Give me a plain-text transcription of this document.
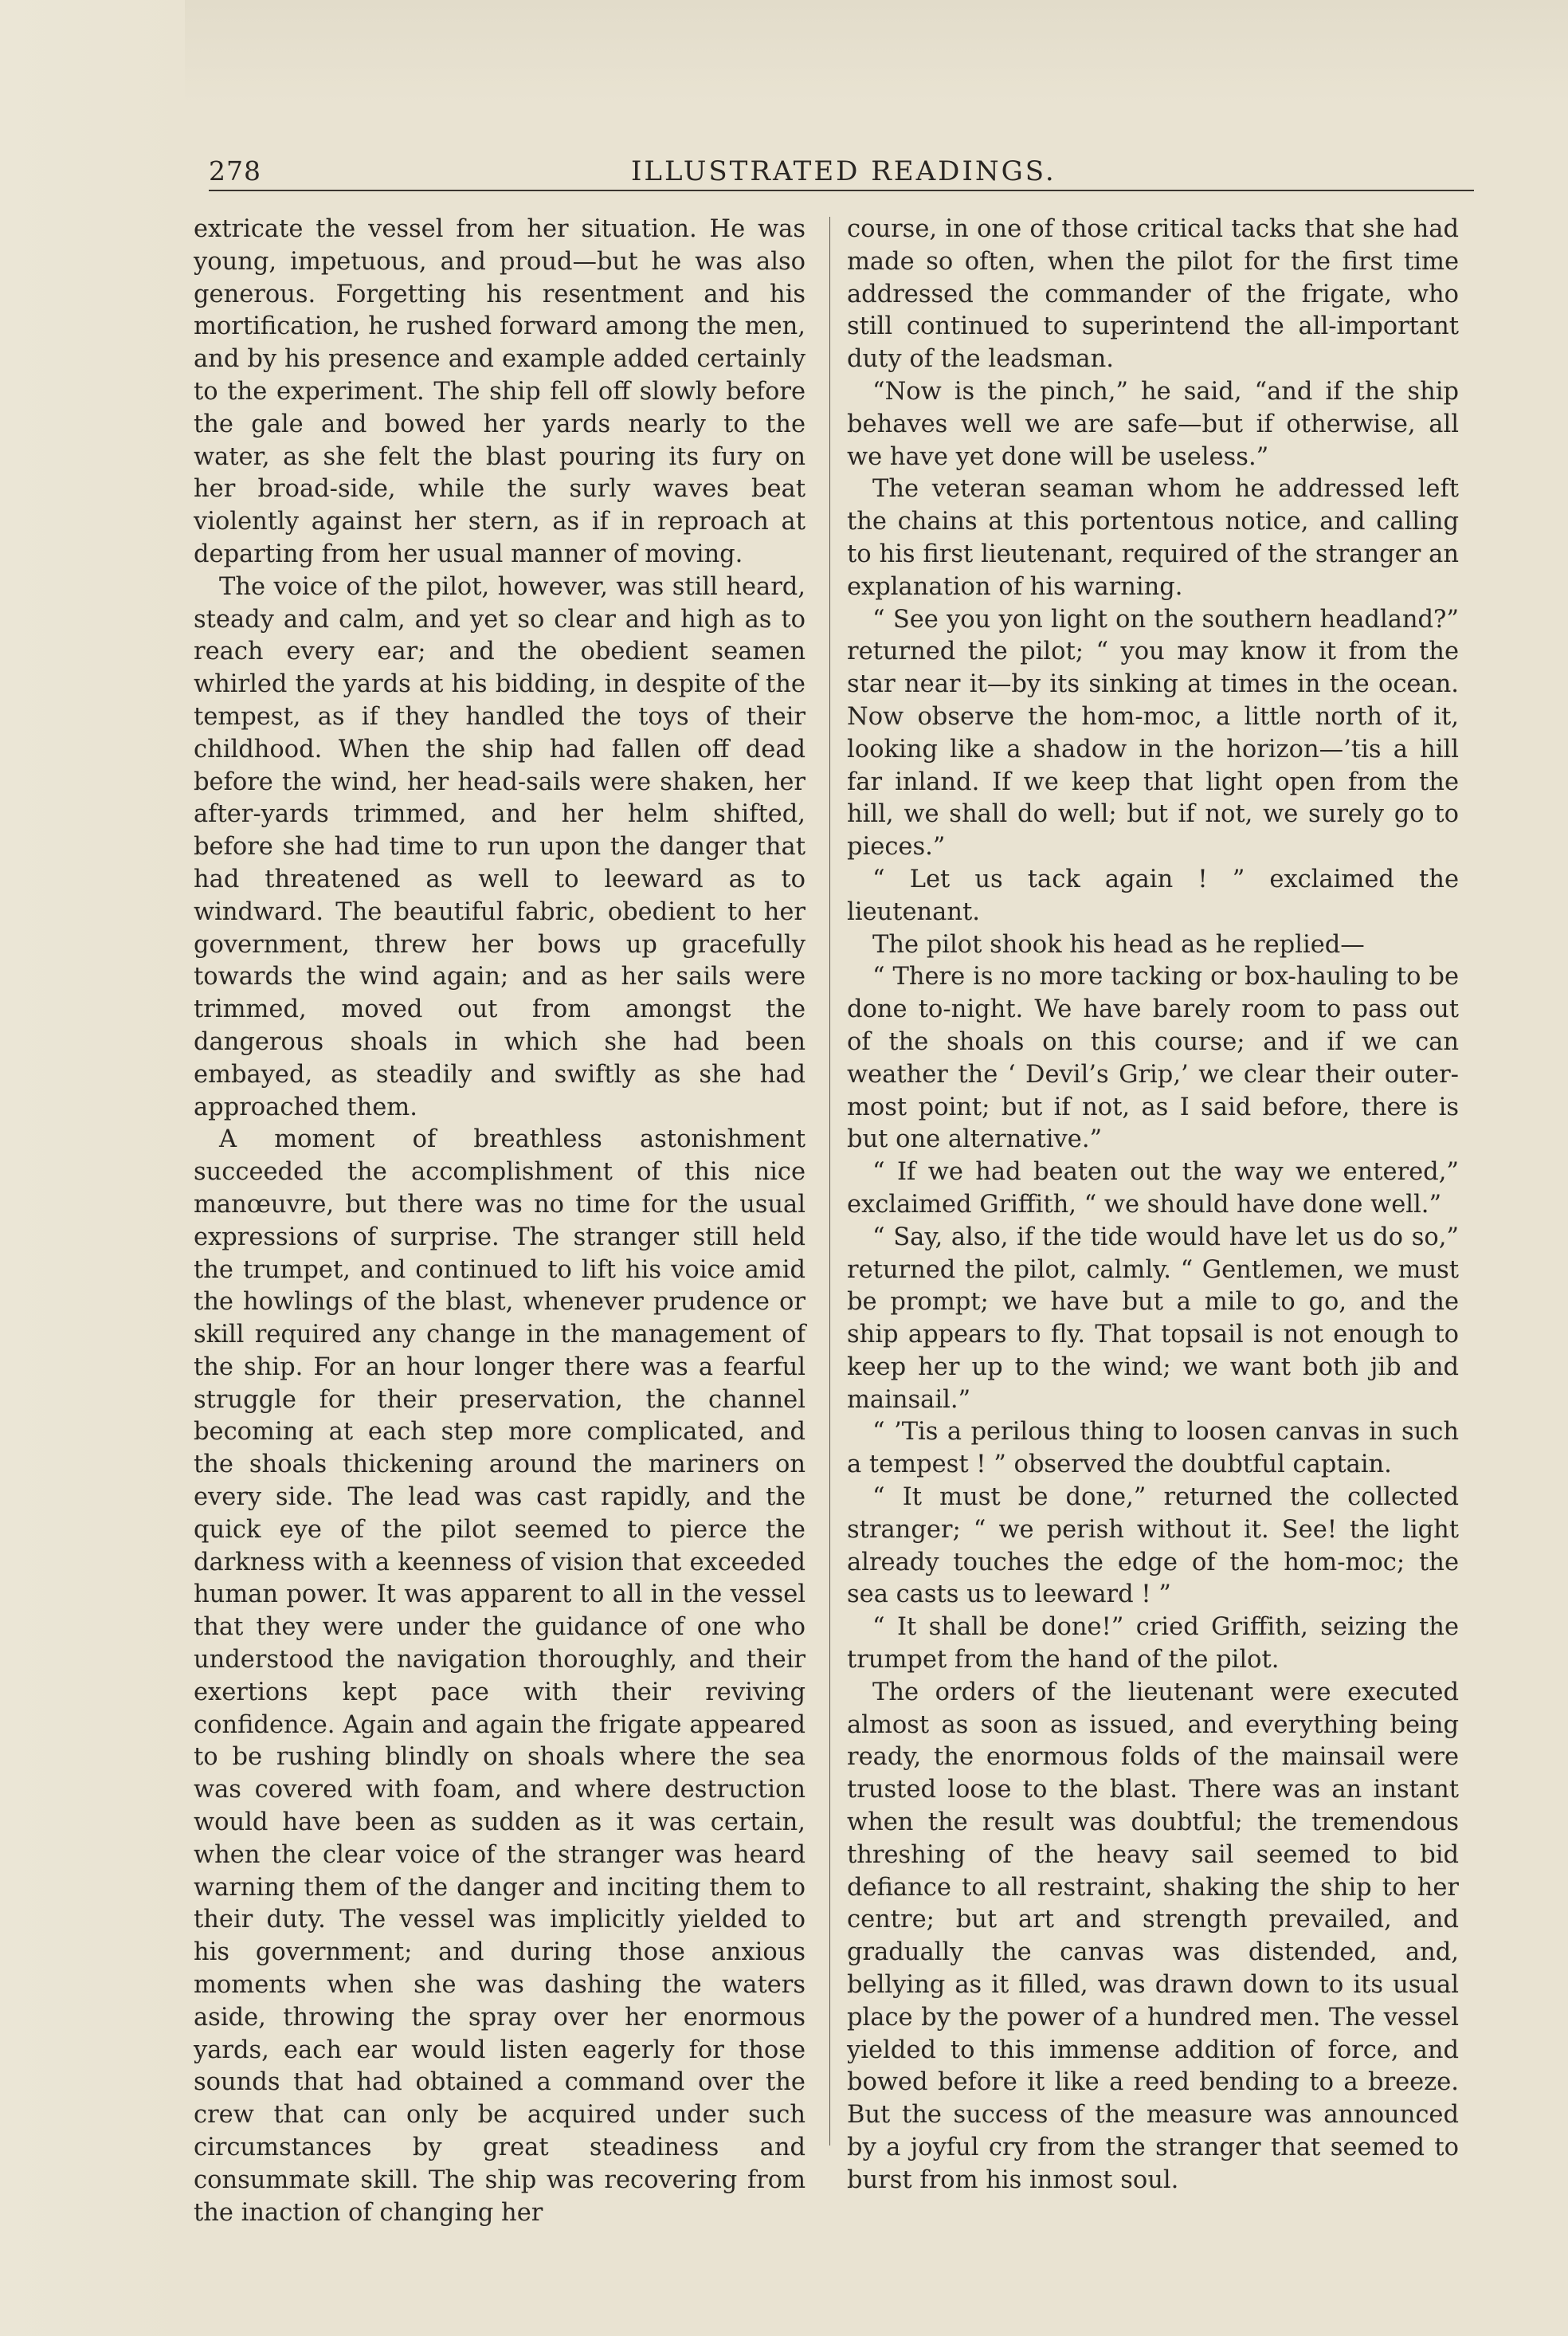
278	ILLUSTRATED READINGS.

extricate the vessel from her situation. He was young, impetuous, and proud—but he was also generous. Forgetting his resentment and his mortification, he rushed forward among the men, and by his presence and example added certainly to the experiment. The ship fell off slowly before the gale and bowed her yards nearly to the water, as she felt the blast pouring its fury on her broad-side, while the surly waves beat violently against her stern, as if in reproach at departing from her usual manner of moving.

The voice of the pilot, however, was still heard, steady and calm, and yet so clear and high as to reach every ear; and the obedient seamen whirled the yards at his bidding, in despite of the tempest, as if they handled the toys of their childhood. When the ship had fallen off dead before the wind, her head-sails were shaken, her after-yards trimmed, and her helm shifted, before she had time to run upon the danger that had threatened as well to leeward as to windward. The beautiful fabric, obedient to her government, threw her bows up gracefully towards the wind again; and as her sails were trimmed, moved out from amongst the dangerous shoals in which she had been embayed, as steadily and swiftly as she had approached them.

A moment of breathless astonishment succeeded the accomplishment of this nice manœuvre, but there was no time for the usual expressions of surprise. The stranger still held the trumpet, and continued to lift his voice amid the howlings of the blast, whenever prudence or skill required any change in the management of the ship. For an hour longer there was a fearful struggle for their preservation, the channel becoming at each step more complicated, and the shoals thickening around the mariners on every side. The lead was cast rapidly, and the quick eye of the pilot seemed to pierce the darkness with a keenness of vision that exceeded human power. It was apparent to all in the vessel that they were under the guidance of one who understood the navigation thoroughly, and their exertions kept pace with their reviving confidence. Again and again the frigate appeared to be rushing blindly on shoals where the sea was covered with foam, and where destruction would have been as sudden as it was certain, when the clear voice of the stranger was heard warning them of the danger and inciting them to their duty. The vessel was implicitly yielded to his government; and during those anxious moments when she was dashing the waters aside, throwing the spray over her enormous yards, each ear would listen eagerly for those sounds that had obtained a command over the crew that can only be acquired under such circumstances by great steadiness and consummate skill. The ship was recovering from the inaction of changing her

course, in one of those critical tacks that she had made so often, when the pilot for the first time addressed the commander of the frigate, who still continued to superintend the all-important duty of the leadsman.

“Now is the pinch,” he said, “and if the ship behaves well we are safe—but if otherwise, all we have yet done will be useless.”

The veteran seaman whom he addressed left the chains at this portentous notice, and calling to his first lieutenant, required of the stranger an explanation of his warning.

“ See you yon light on the southern headland?” returned the pilot; “ you may know it from the star near it—by its sinking at times in the ocean. Now observe the hom-moc, a little north of it, looking like a shadow in the horizon—’tis a hill far inland. If we keep that light open from the hill, we shall do well; but if not, we surely go to pieces.”

“ Let us tack again ! ” exclaimed the lieutenant.

The pilot shook his head as he replied—

“ There is no more tacking or box-hauling to be done to-night. We have barely room to pass out of the shoals on this course; and if we can weather the ‘ Devil’s Grip,’ we clear their outer-most point; but if not, as I said before, there is but one alternative.”

“ If we had beaten out the way we entered,” exclaimed Griffith, “ we should have done well.”

“ Say, also, if the tide would have let us do so,” returned the pilot, calmly. “ Gentlemen, we must be prompt; we have but a mile to go, and the ship appears to fly. That topsail is not enough to keep her up to the wind; we want both jib and mainsail.”

“ ’Tis a perilous thing to loosen canvas in such a tempest ! ” observed the doubtful captain.

“ It must be done,” returned the collected stranger; “ we perish without it. See! the light already touches the edge of the hom-moc; the sea casts us to leeward ! ”

“ It shall be done!” cried Griffith, seizing the trumpet from the hand of the pilot.

The orders of the lieutenant were executed almost as soon as issued, and everything being ready, the enormous folds of the mainsail were trusted loose to the blast. There was an instant when the result was doubtful; the tremendous threshing of the heavy sail seemed to bid defiance to all restraint, shaking the ship to her centre; but art and strength prevailed, and gradually the canvas was distended, and, bellying as it filled, was drawn down to its usual place by the power of a hundred men. The vessel yielded to this immense addition of force, and bowed before it like a reed bending to a breeze. But the success of the measure was announced by a joyful cry from the stranger that seemed to burst from his inmost soul.
